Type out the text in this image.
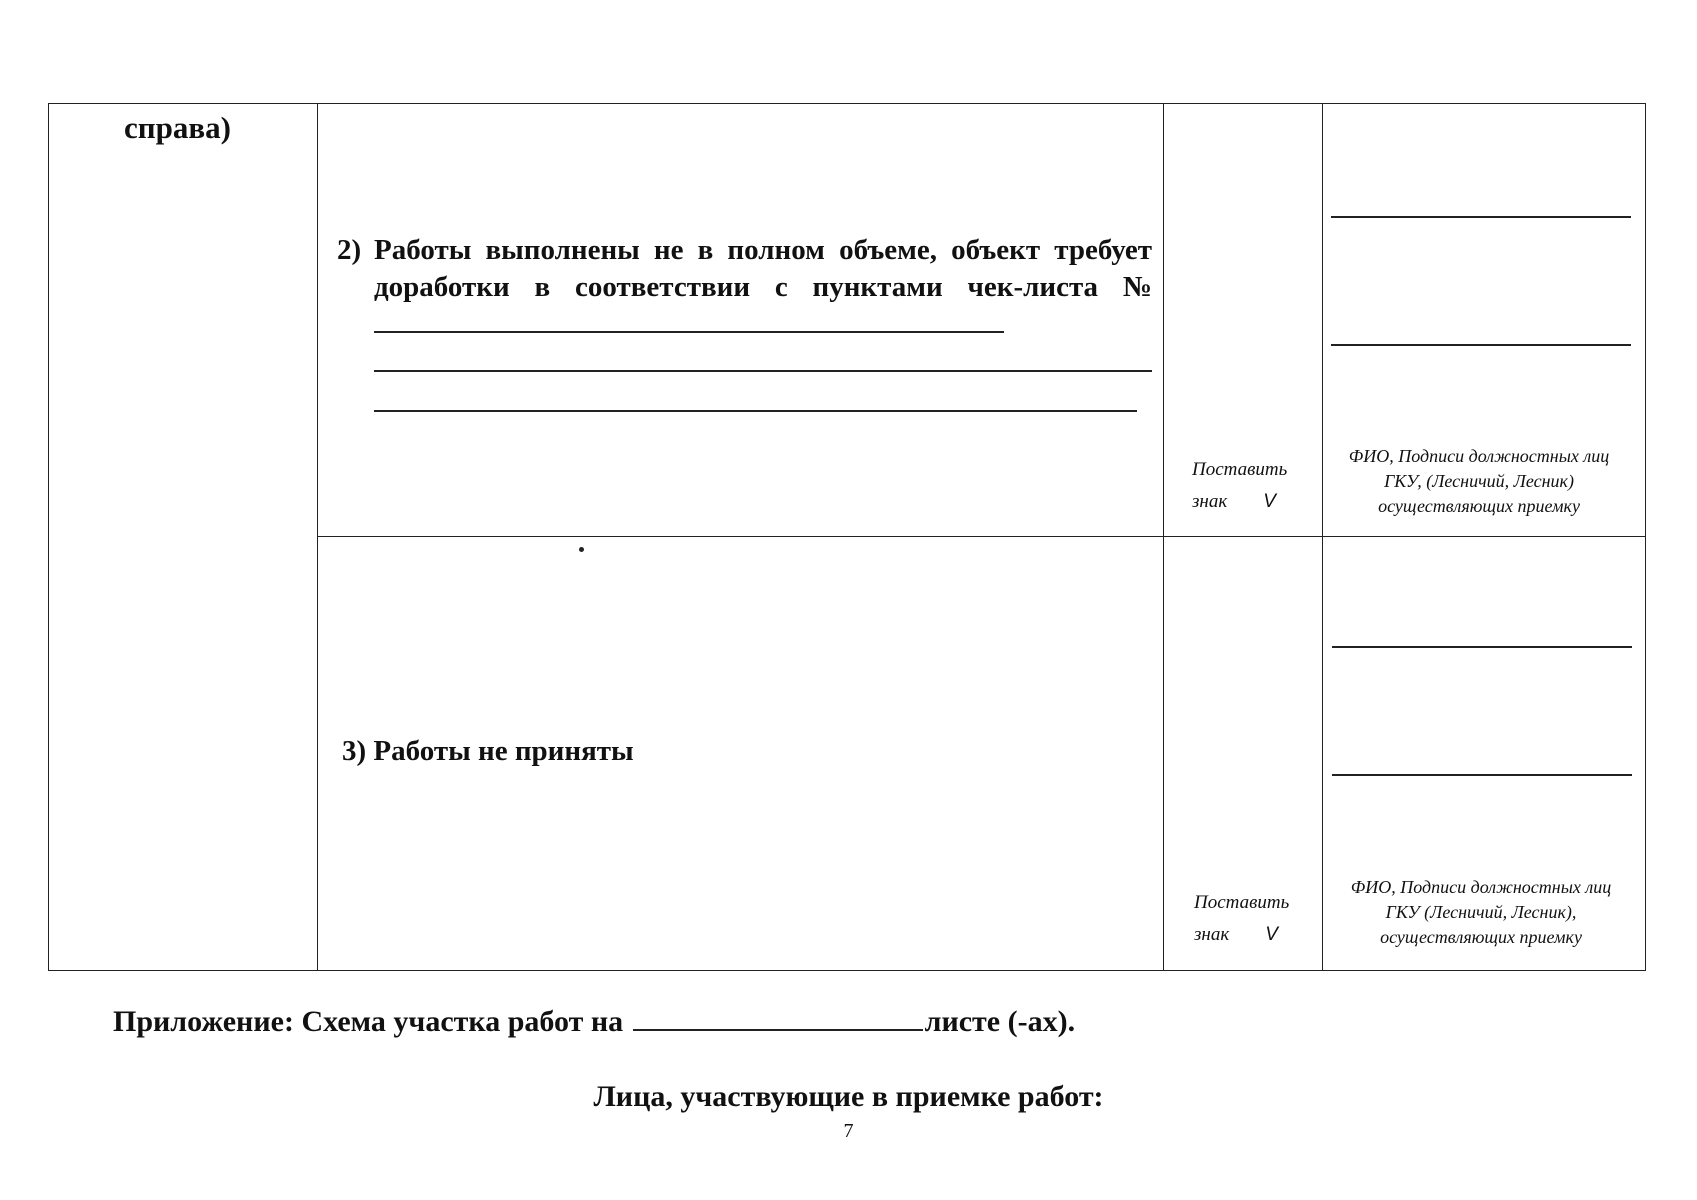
справа)
2) Работы выполнены не в полном объеме, объект требует доработки в соответствии с пунктами чек-листа №
3) Работы не приняты
Поставить
знак V
Поставить
знак V
ФИО, Подписи должностных лиц
ГКУ, (Лесничий, Лесник)
осуществляющих приемку
ФИО, Подписи должностных лиц
ГКУ (Лесничий, Лесник),
осуществляющих приемку
Приложение: Схема участка работ на	листе (-ах).
Лица, участвующие в приемке работ:
7
